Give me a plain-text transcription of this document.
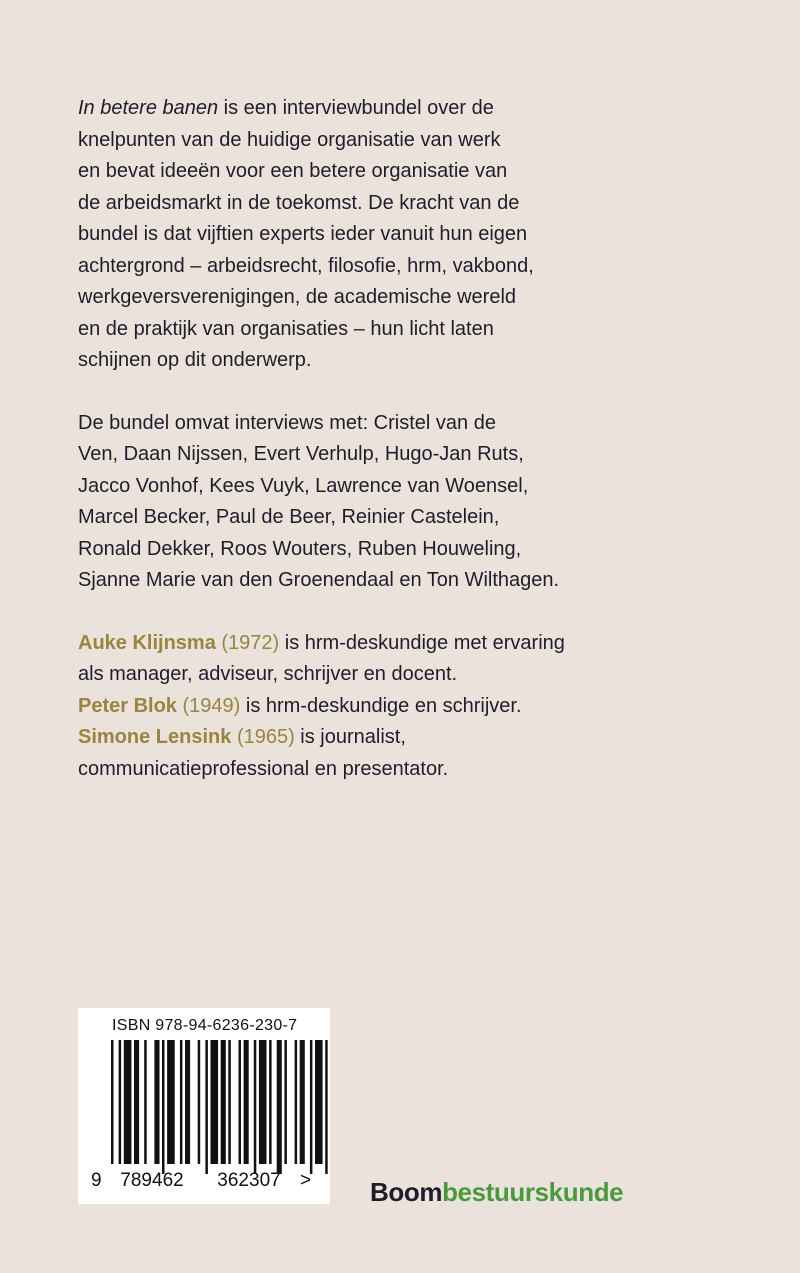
In betere banen is een interviewbundel over de
knelpunten van de huidige organisatie van werk
en bevat ideeën voor een betere organisatie van
de arbeidsmarkt in de toekomst. De kracht van de
bundel is dat vijftien experts ieder vanuit hun eigen
achtergrond – arbeidsrecht, filosofie, hrm, vakbond,
werkgeversverenigingen, de academische wereld
en de praktijk van organisaties – hun licht laten
schijnen op dit onderwerp.

De bundel omvat interviews met: Cristel van de
Ven, Daan Nijssen, Evert Verhulp, Hugo-Jan Ruts,
Jacco Vonhof, Kees Vuyk, Lawrence van Woensel,
Marcel Becker, Paul de Beer, Reinier Castelein,
Ronald Dekker, Roos Wouters, Ruben Houweling,
Sjanne Marie van den Groenendaal en Ton Wilthagen.

Auke Klijnsma (1972) is hrm-deskundige met ervaring
als manager, adviseur, schrijver en docent.
Peter Blok (1949) is hrm-deskundige en schrijver.
Simone Lensink (1965) is journalist,
communicatieprofessional en presentator.

ISBN 978-94-6236-230-7
9 789462 362307 > Boombestuurskunde
